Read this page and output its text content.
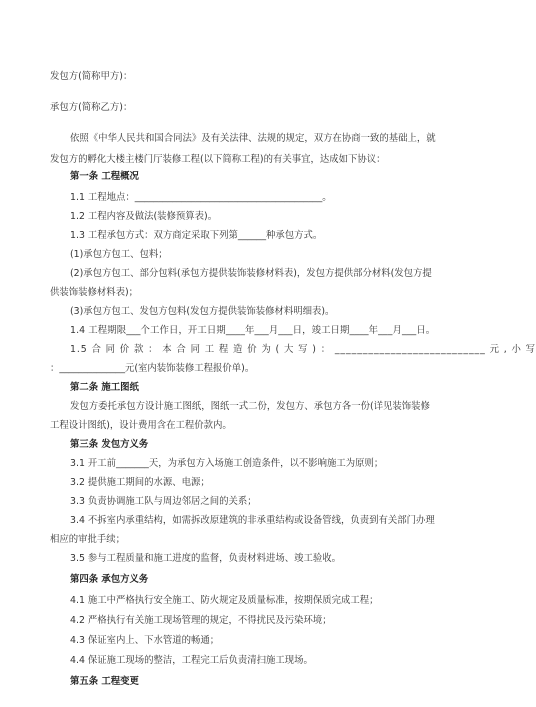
发包方(简称甲方)：
承包方(简称乙方)：
依照《中华人民共和国合同法》及有关法律、法规的规定，双方在协商一致的基础上，就
发包方的孵化大楼主楼门厅装修工程(以下简称工程)的有关事宜，达成如下协议：
第一条 工程概况
1.1 工程地点：________________________________________。
1.2 工程内容及做法(装修预算表)。
1.3 工程承包方式：双方商定采取下列第______种承包方式。
(1)承包方包工、包料；
(2)承包方包工、部分包料(承包方提供装饰装修材料表)，发包方提供部分材料(发包方提
供装饰装修材料表)；
(3)承包方包工、发包方包料(发包方提供装饰装修材料明细表)。
1.4 工程期限___个工作日，开工日期____年___月___日，竣工日期____年___月___日。
1.5 合 同 价 款 ： 本 合 同 工 程 造 价 为 ( 大 写 ) ： ___________________________ 元 , 小 写
：______________元(室内装饰装修工程报价单)。
第二条 施工图纸
发包方委托承包方设计施工图纸，图纸一式二份，发包方、承包方各一份(详见装饰装修
工程设计图纸)，设计费用含在工程价款内。
第三条 发包方义务
3.1 开工前_______天，为承包方入场施工创造条件，以不影响施工为原则；
3.2 提供施工期间的水源、电源；
3.3 负责协调施工队与周边邻居之间的关系；
3.4 不拆室内承重结构，如需拆改原建筑的非承重结构或设备管线，负责到有关部门办理
相应的审批手续；
3.5 参与工程质量和施工进度的监督，负责材料进场、竣工验收。
第四条 承包方义务
4.1 施工中严格执行安全施工、防火规定及质量标准，按期保质完成工程；
4.2 严格执行有关施工现场管理的规定，不得扰民及污染环境；
4.3 保证室内上、下水管道的畅通；
4.4 保证施工现场的整洁，工程完工后负责清扫施工现场。
第五条 工程变更
